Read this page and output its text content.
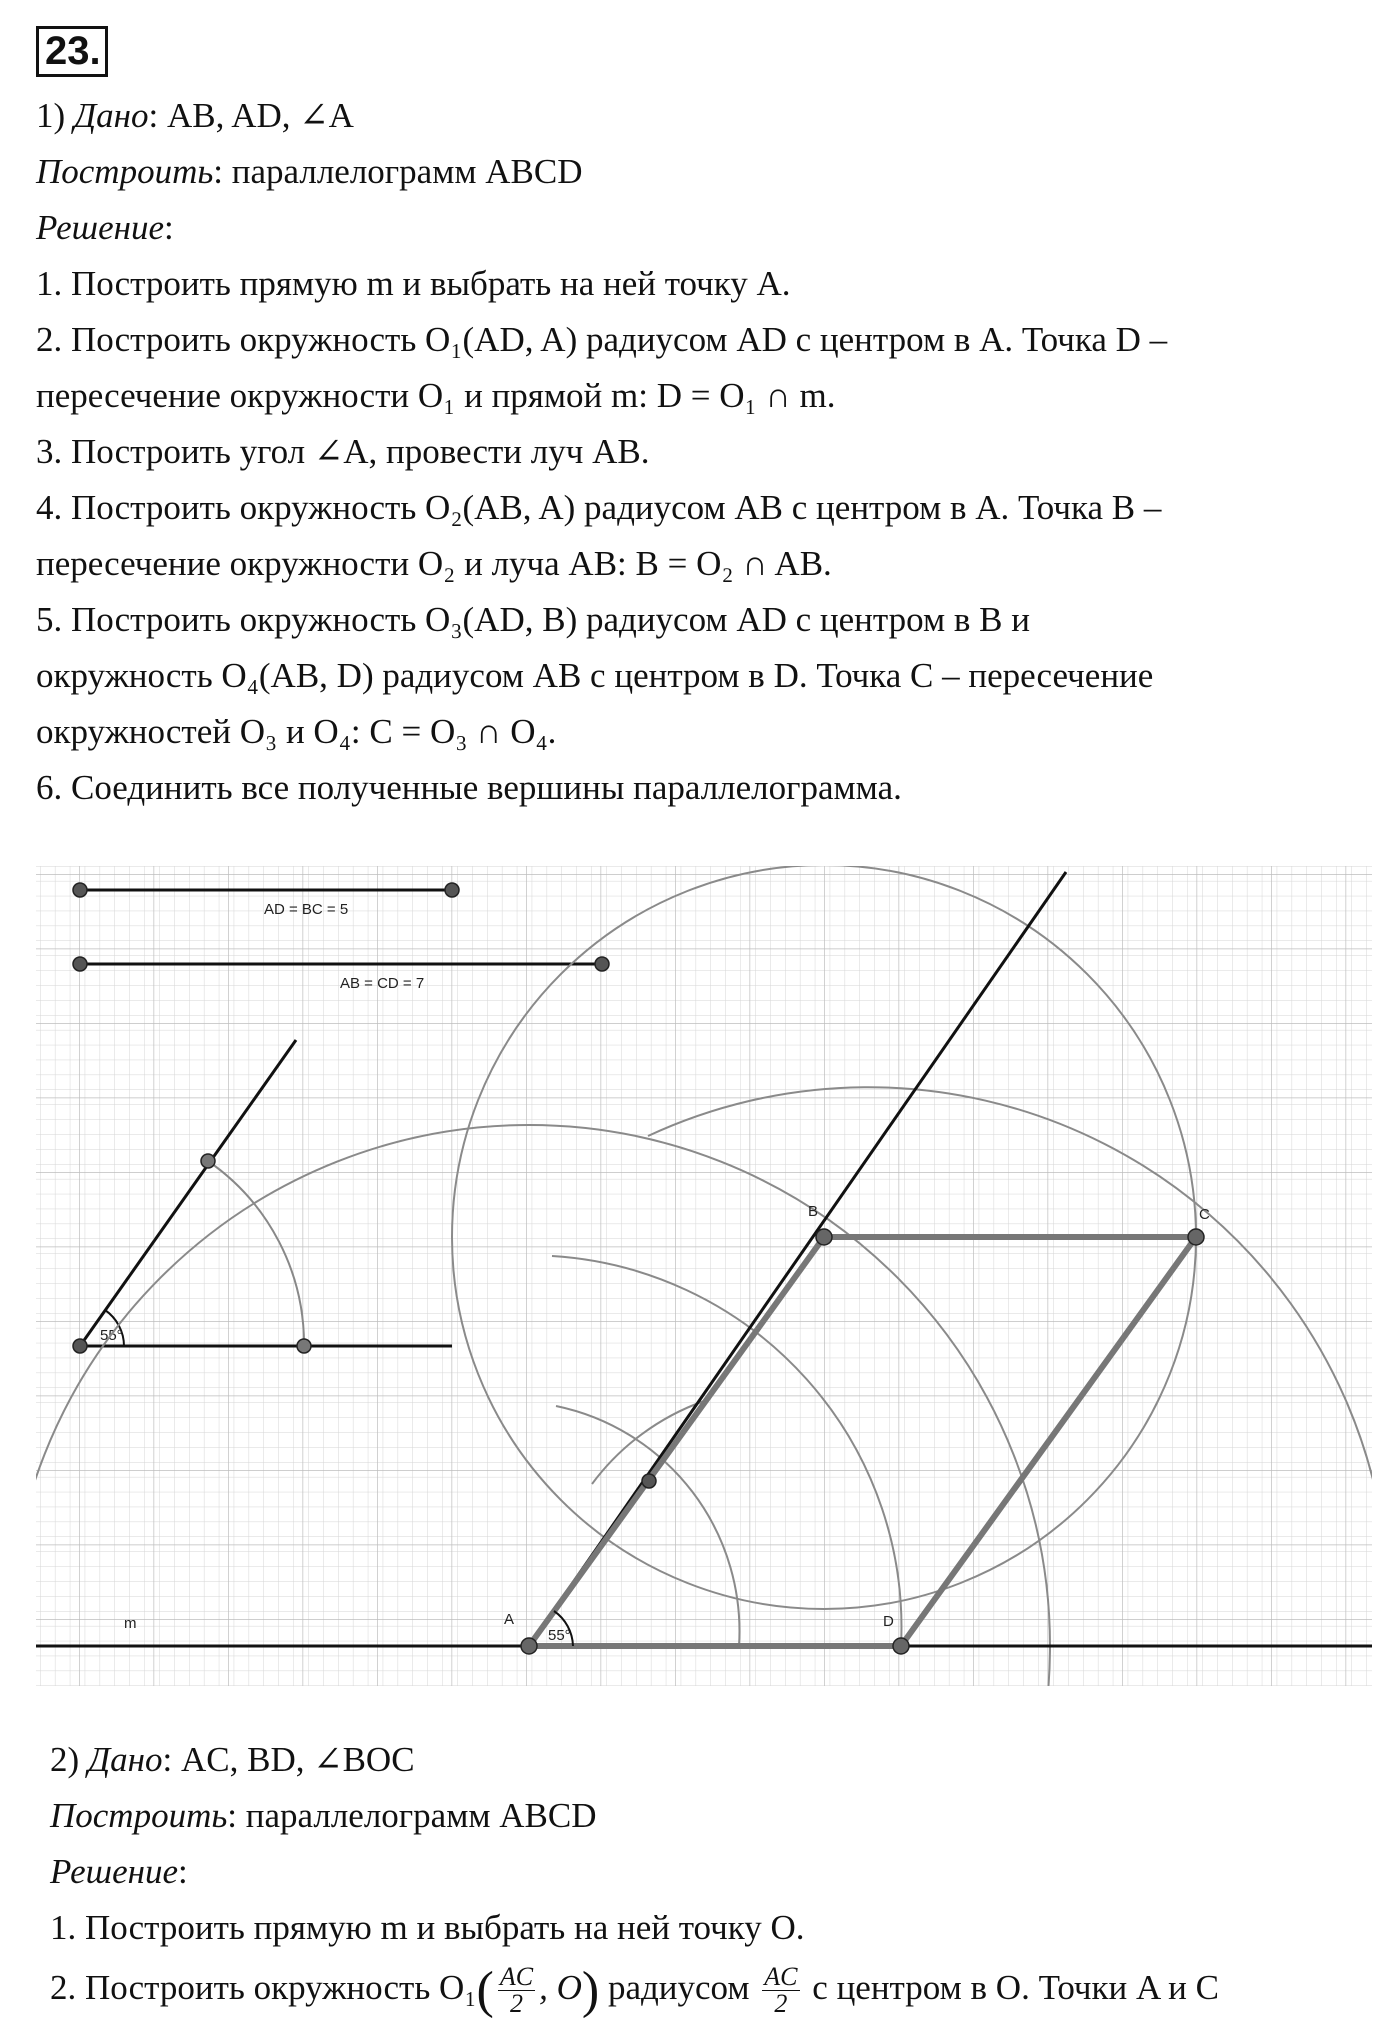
23.
1) Дано: AB, AD, ∠A
Построить: параллелограмм ABCD
Решение:
1. Построить прямую m и выбрать на ней точку A.
2. Построить окружность O₁(AD, A) радиусом AD с центром в A. Точка D –
пересечение окружности O₁ и прямой m: D = O₁ ∩ m.
3. Построить угол ∠A, провести луч AB.
4. Построить окружность O₂(AB, A) радиусом AB с центром в A. Точка B –
пересечение окружности O₂ и луча AB: B = O₂ ∩ AB.
5. Построить окружность O₃(AD, B) радиусом AD с центром в B и
окружность O₄(AB, D) радиусом AB с центром в D. Точка C – пересечение
окружностей O₃ и O₄: C = O₃ ∩ O₄.
6. Соединить все полученные вершины параллелограмма.
AD = BC = 5
AB = CD = 7
55°
m
55°
A
B	C
D
2) Дано: AC, BD, ∠BOC
Построить: параллелограмм ABCD
Решение:
1. Построить прямую m и выбрать на ней точку O.
2. Построить окружность $O_1( \frac{AC}{2}$ , O) радиусом $\frac{AC}{2}$ с центром в O. Точки A и C
